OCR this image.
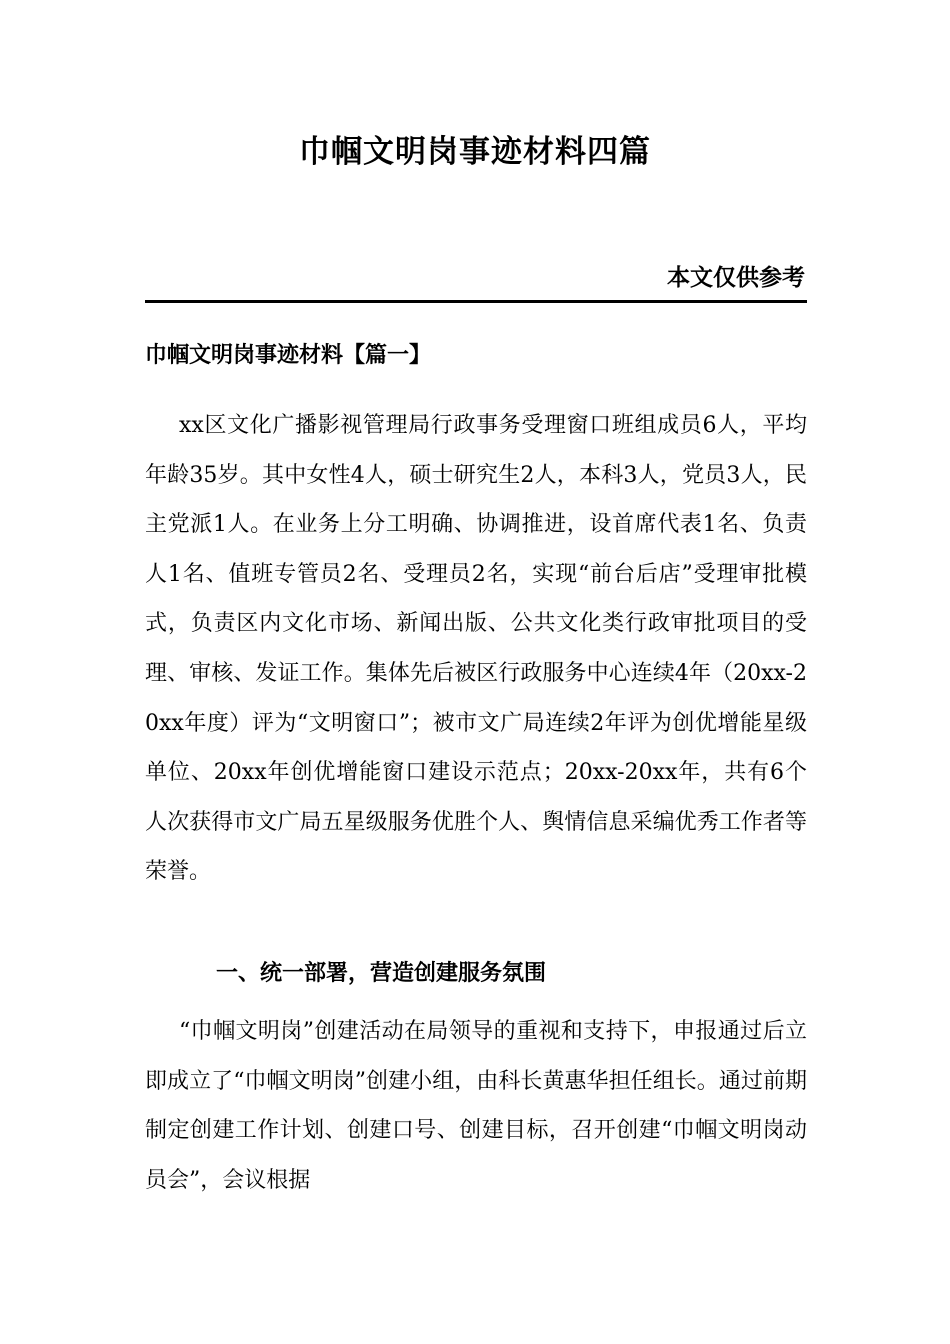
巾帼文明岗事迹材料四篇
本文仅供参考
巾帼文明岗事迹材料【篇一】

xx区文化广播影视管理局行政事务受理窗口班组成员6人，平均年龄35岁。其中女性4人，硕士研究生2人，本科3人，党员3人，民主党派1人。在业务上分工明确、协调推进，设首席代表1名、负责人1名、值班专管员2名、受理员2名，实现“前台后店”受理审批模式，负责区内文化市场、新闻出版、公共文化类行政审批项目的受理、审核、发证工作。集体先后被区行政服务中心连续4年（20xx-20xx年度）评为“文明窗口”；被市文广局连续2年评为创优增能星级单位、20xx年创优增能窗口建设示范点；20xx-20xx年，共有6个人次获得市文广局五星级服务优胜个人、舆情信息采编优秀工作者等荣誉。

一、统一部署，营造创建服务氛围

“巾帼文明岗”创建活动在局领导的重视和支持下，申报通过后立即成立了“巾帼文明岗”创建小组，由科长黄惠华担任组长。通过前期制定创建工作计划、创建口号、创建目标，召开创建“巾帼文明岗动员会”，会议根据
